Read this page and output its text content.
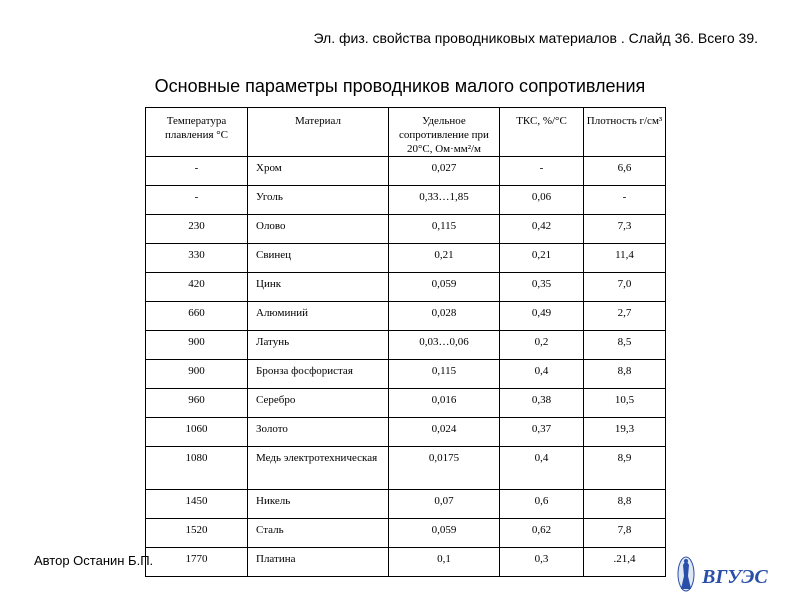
Эл. физ. свойства проводниковых материалов . Слайд 36. Всего 39.
Основные параметры проводников малого сопротивления
Температура плавления °С	Материал	Удельное сопротивление при 20°С, Ом·мм²/м	ТКС, %/°С	Плотность г/см³
-	Хром	0,027	-	6,6
-	Уголь	0,33…1,85	0,06	-
230	Олово	0,115	0,42	7,3
330	Свинец	0,21	0,21	11,4
420	Цинк	0,059	0,35	7,0
660	Алюминий	0,028	0,49	2,7
900	Латунь	0,03…0,06	0,2	8,5
900	Бронза фосфористая	0,115	0,4	8,8
960	Серебро	0,016	0,38	10,5
1060	Золото	0,024	0,37	19,3
1080	Медь электротехническая	0,0175	0,4	8,9
1450	Никель	0,07	0,6	8,8
1520	Сталь	0,059	0,62	7,8
1770	Платина	0,1	0,3	.21,4
Автор Останин Б.П.
ВГУЭС
